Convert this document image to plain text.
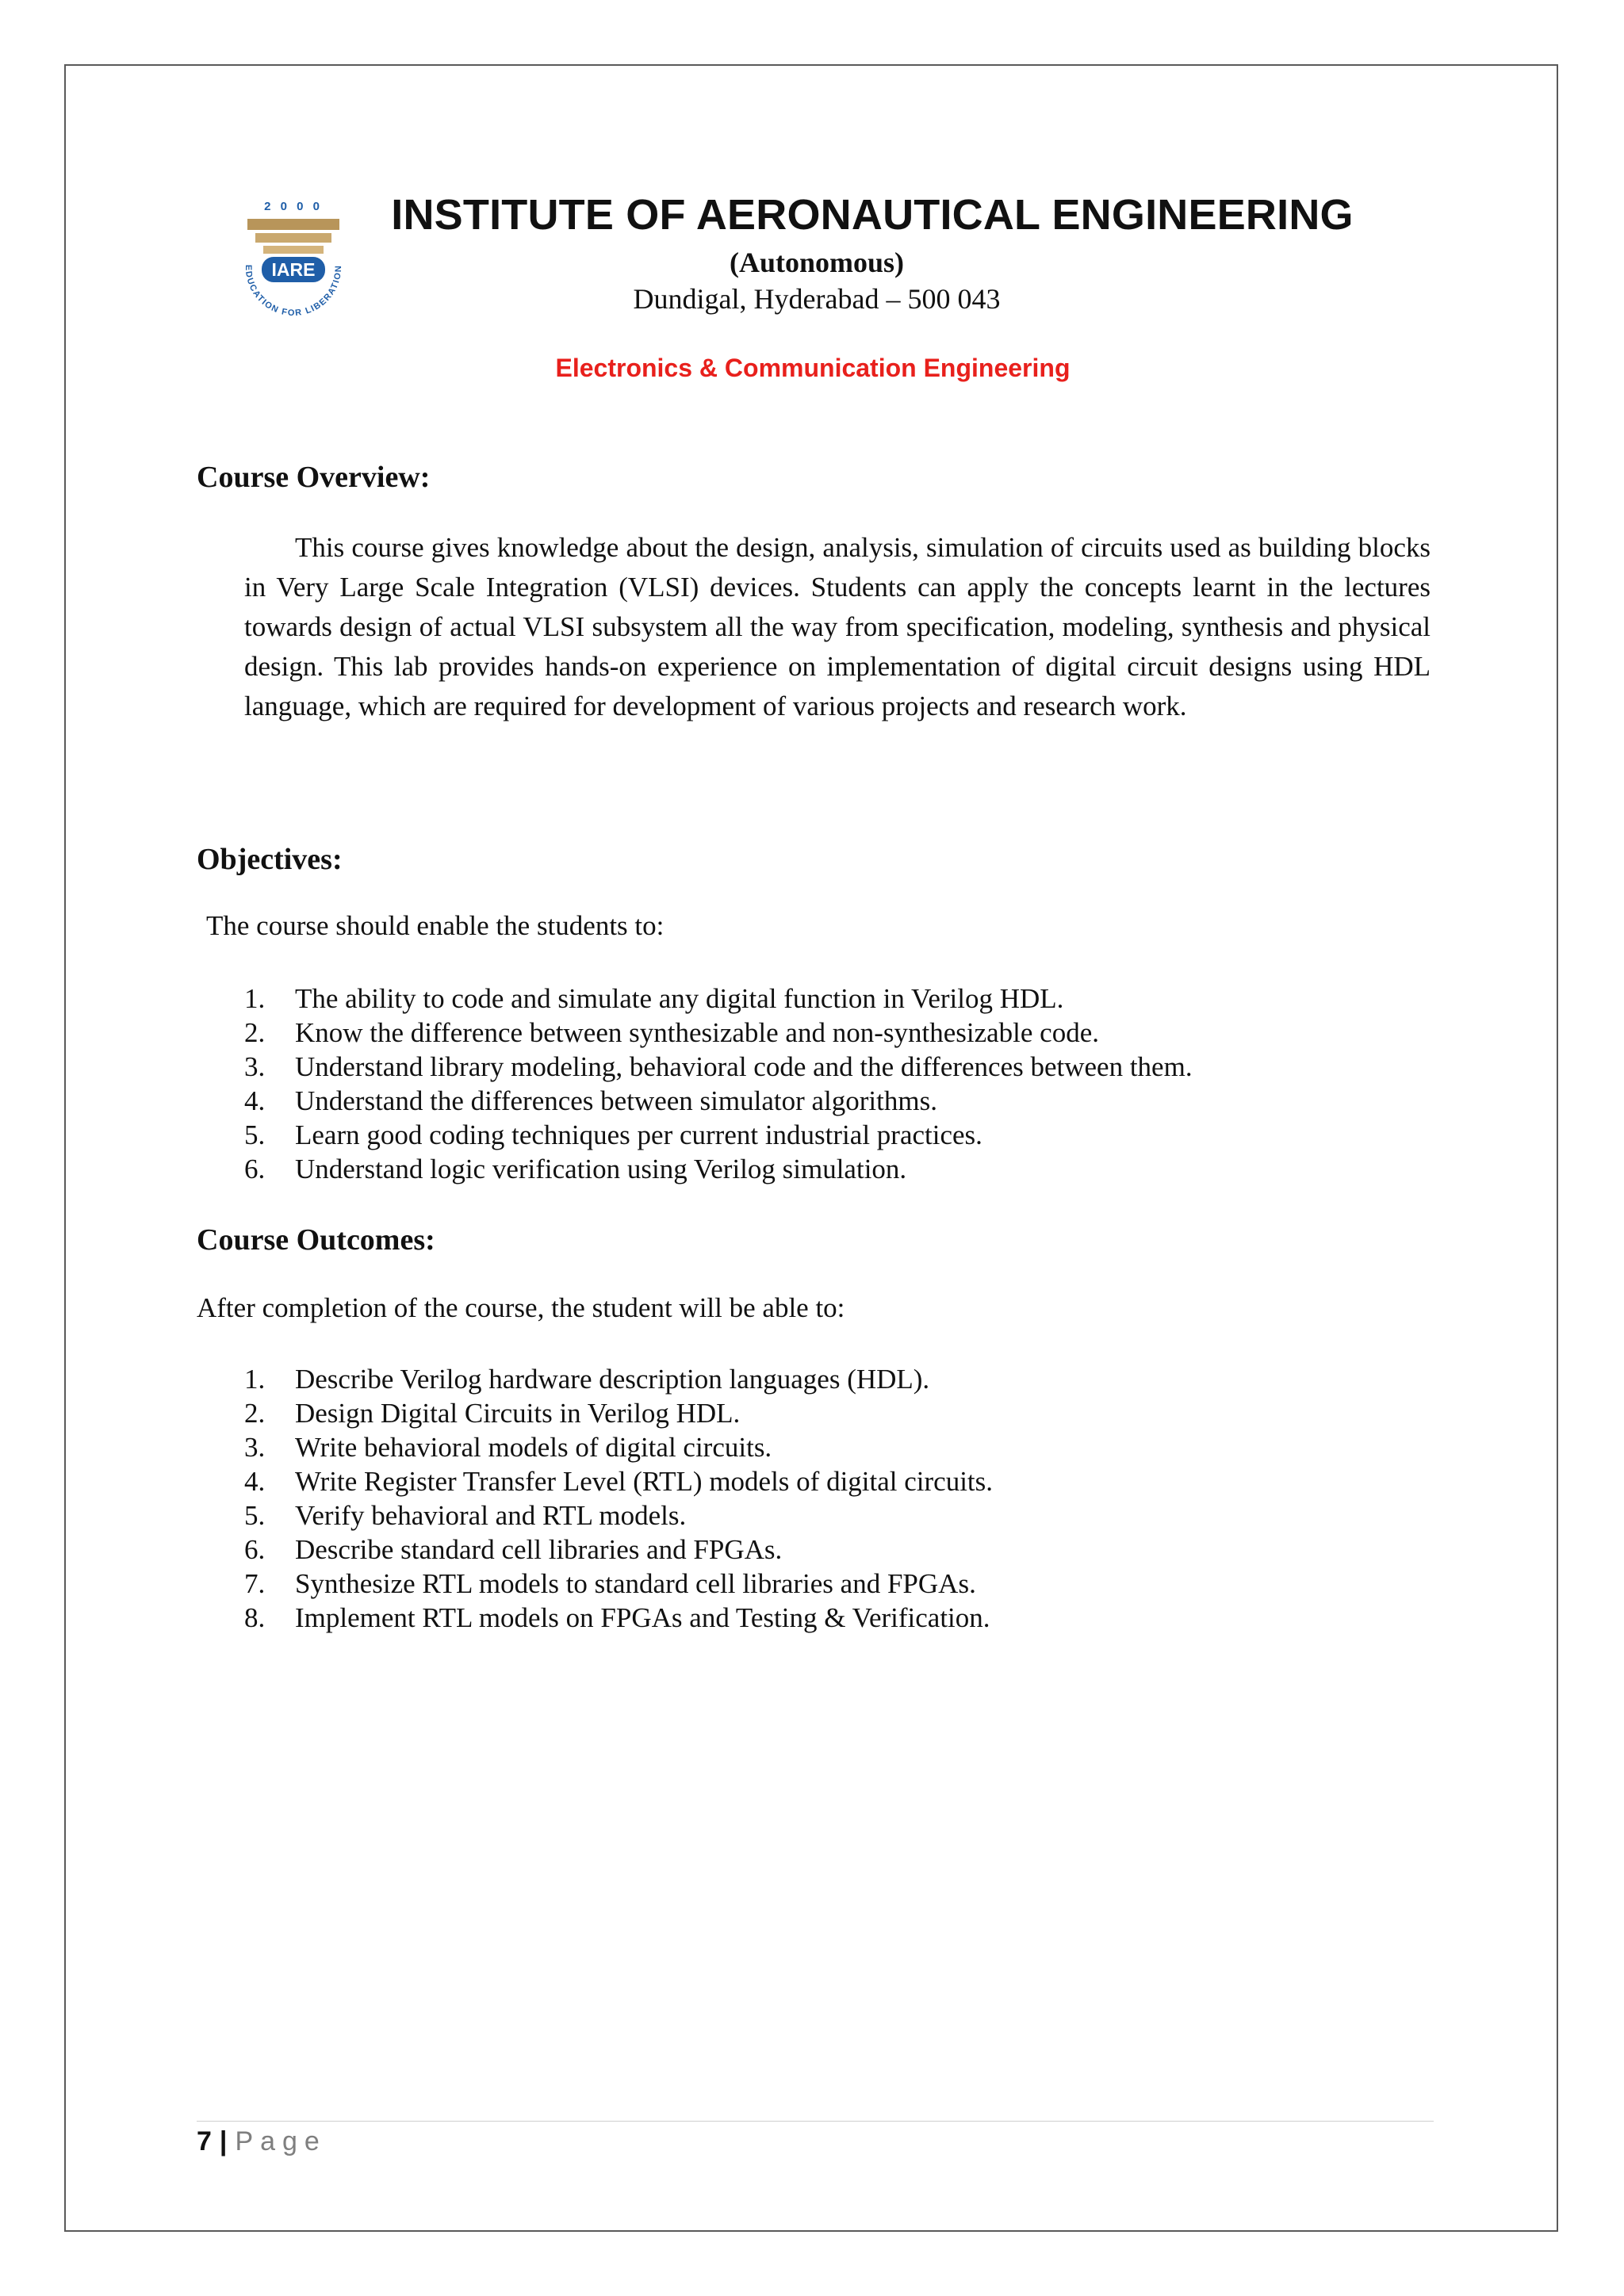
2 0 0 0
IARE
EDUCATION FOR LIBERATION
INSTITUTE OF AERONAUTICAL ENGINEERING
(Autonomous)
Dundigal, Hyderabad – 500 043
Electronics & Communication Engineering
Course Overview:

This course gives knowledge about the design, analysis, simulation of circuits used as building blocks in Very Large Scale Integration (VLSI) devices. Students can apply the concepts learnt in the lectures towards design of actual VLSI subsystem all the way from specification, modeling, synthesis and physical design. This lab provides hands-on experience on implementation of digital circuit designs using HDL language, which are required for development of various projects and research work.

Objectives:

The course should enable the students to:

1. The ability to code and simulate any digital function in Verilog HDL.
2. Know the difference between synthesizable and non-synthesizable code.
3. Understand library modeling, behavioral code and the differences between them.
4. Understand the differences between simulator algorithms.
5. Learn good coding techniques per current industrial practices.
6. Understand logic verification using Verilog simulation.
Course Outcomes:

After completion of the course, the student will be able to:

1. Describe Verilog hardware description languages (HDL).
2. Design Digital Circuits in Verilog HDL.
3. Write behavioral models of digital circuits.
4. Write Register Transfer Level (RTL) models of digital circuits.
5. Verify behavioral and RTL models.
6. Describe standard cell libraries and FPGAs.
7. Synthesize RTL models to standard cell libraries and FPGAs.
8. Implement RTL models on FPGAs and Testing & Verification.
7 | Page
